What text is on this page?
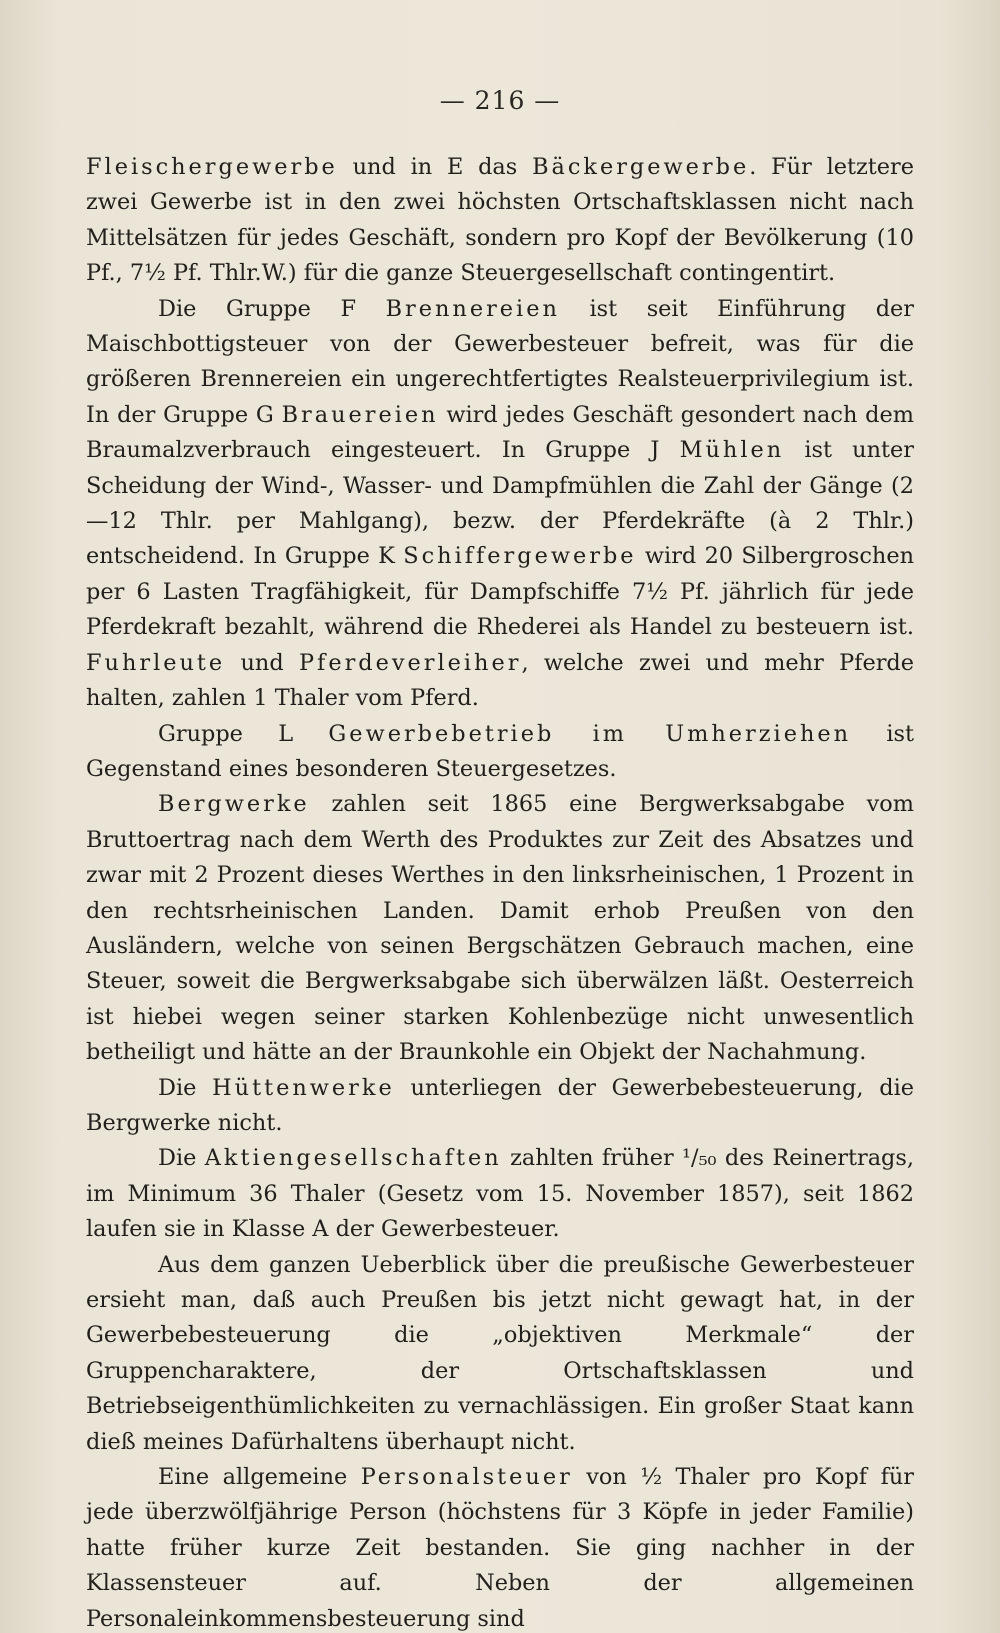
— 216 —

Fleischergewerbe und in E das Bäckergewerbe. Für letztere zwei Gewerbe ist in den zwei höchsten Ortschaftsklassen nicht nach Mittelsätzen für jedes Geschäft, sondern pro Kopf der Bevölkerung (10 Pf., 7½ Pf. Thlr.W.) für die ganze Steuergesellschaft contingentirt.

Die Gruppe F Brennereien ist seit Einführung der Maischbottigsteuer von der Gewerbesteuer befreit, was für die größeren Brennereien ein ungerechtfertigtes Realsteuerprivilegium ist. In der Gruppe G Brauereien wird jedes Geschäft gesondert nach dem Braumalzverbrauch eingesteuert. In Gruppe J Mühlen ist unter Scheidung der Wind-, Wasser- und Dampfmühlen die Zahl der Gänge (2—12 Thlr. per Mahlgang), bezw. der Pferdekräfte (à 2 Thlr.) entscheidend. In Gruppe K Schiffergewerbe wird 20 Silbergroschen per 6 Lasten Tragfähigkeit, für Dampfschiffe 7½ Pf. jährlich für jede Pferdekraft bezahlt, während die Rhederei als Handel zu besteuern ist. Fuhrleute und Pferdeverleiher, welche zwei und mehr Pferde halten, zahlen 1 Thaler vom Pferd.

Gruppe L Gewerbebetrieb im Umherziehen ist Gegenstand eines besonderen Steuergesetzes.

Bergwerke zahlen seit 1865 eine Bergwerksabgabe vom Bruttoertrag nach dem Werth des Produktes zur Zeit des Absatzes und zwar mit 2 Prozent dieses Werthes in den linksrheinischen, 1 Prozent in den rechtsrheinischen Landen. Damit erhob Preußen von den Ausländern, welche von seinen Bergschätzen Gebrauch machen, eine Steuer, soweit die Bergwerksabgabe sich überwälzen läßt. Oesterreich ist hiebei wegen seiner starken Kohlenbezüge nicht unwesentlich betheiligt und hätte an der Braunkohle ein Objekt der Nachahmung.

Die Hüttenwerke unterliegen der Gewerbebesteuerung, die Bergwerke nicht.

Die Aktiengesellschaften zahlten früher ¹/₅₀ des Reinertrags, im Minimum 36 Thaler (Gesetz vom 15. November 1857), seit 1862 laufen sie in Klasse A der Gewerbesteuer.

Aus dem ganzen Ueberblick über die preußische Gewerbesteuer ersieht man, daß auch Preußen bis jetzt nicht gewagt hat, in der Gewerbebesteuerung die „objektiven Merkmale“ der Gruppencharaktere, der Ortschaftsklassen und Betriebseigenthümlichkeiten zu vernachlässigen. Ein großer Staat kann dieß meines Dafürhaltens überhaupt nicht.

Eine allgemeine Personalsteuer von ½ Thaler pro Kopf für jede überzwölfjährige Person (höchstens für 3 Köpfe in jeder Familie) hatte früher kurze Zeit bestanden. Sie ging nachher in der Klassensteuer auf. Neben der allgemeinen Personaleinkommensbesteuerung sind
